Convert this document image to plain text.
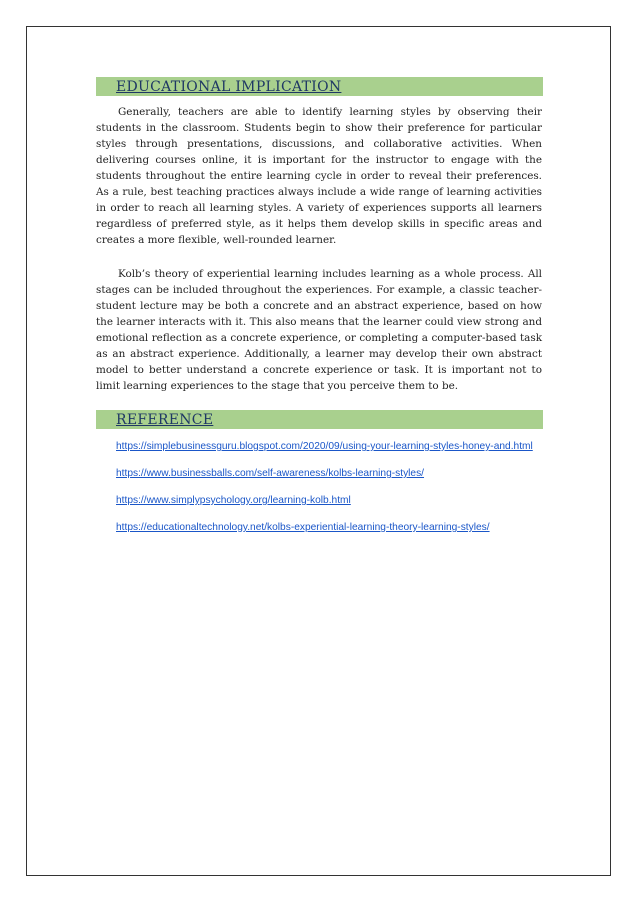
EDUCATIONAL IMPLICATION

Generally, teachers are able to identify learning styles by observing their students in the classroom. Students begin to show their preference for particular styles through presentations, discussions, and collaborative activities. When delivering courses online, it is important for the instructor to engage with the students throughout the entire learning cycle in order to reveal their preferences. As a rule, best teaching practices always include a wide range of learning activities in order to reach all learning styles. A variety of experiences supports all learners regardless of preferred style, as it helps them develop skills in specific areas and creates a more flexible, well-rounded learner.

Kolb’s theory of experiential learning includes learning as a whole process. All stages can be included throughout the experiences. For example, a classic teacher-student lecture may be both a concrete and an abstract experience, based on how the learner interacts with it. This also means that the learner could view strong and emotional reflection as a concrete experience, or completing a computer-based task as an abstract experience. Additionally, a learner may develop their own abstract model to better understand a concrete experience or task. It is important not to limit learning experiences to the stage that you perceive them to be.

REFERENCE
https://simplebusinessguru.blogspot.com/2020/09/using-your-learning-styles-honey-and.html
https://www.businessballs.com/self-awareness/kolbs-learning-styles/
https://www.simplypsychology.org/learning-kolb.html
https://educationaltechnology.net/kolbs-experiential-learning-theory-learning-styles/
